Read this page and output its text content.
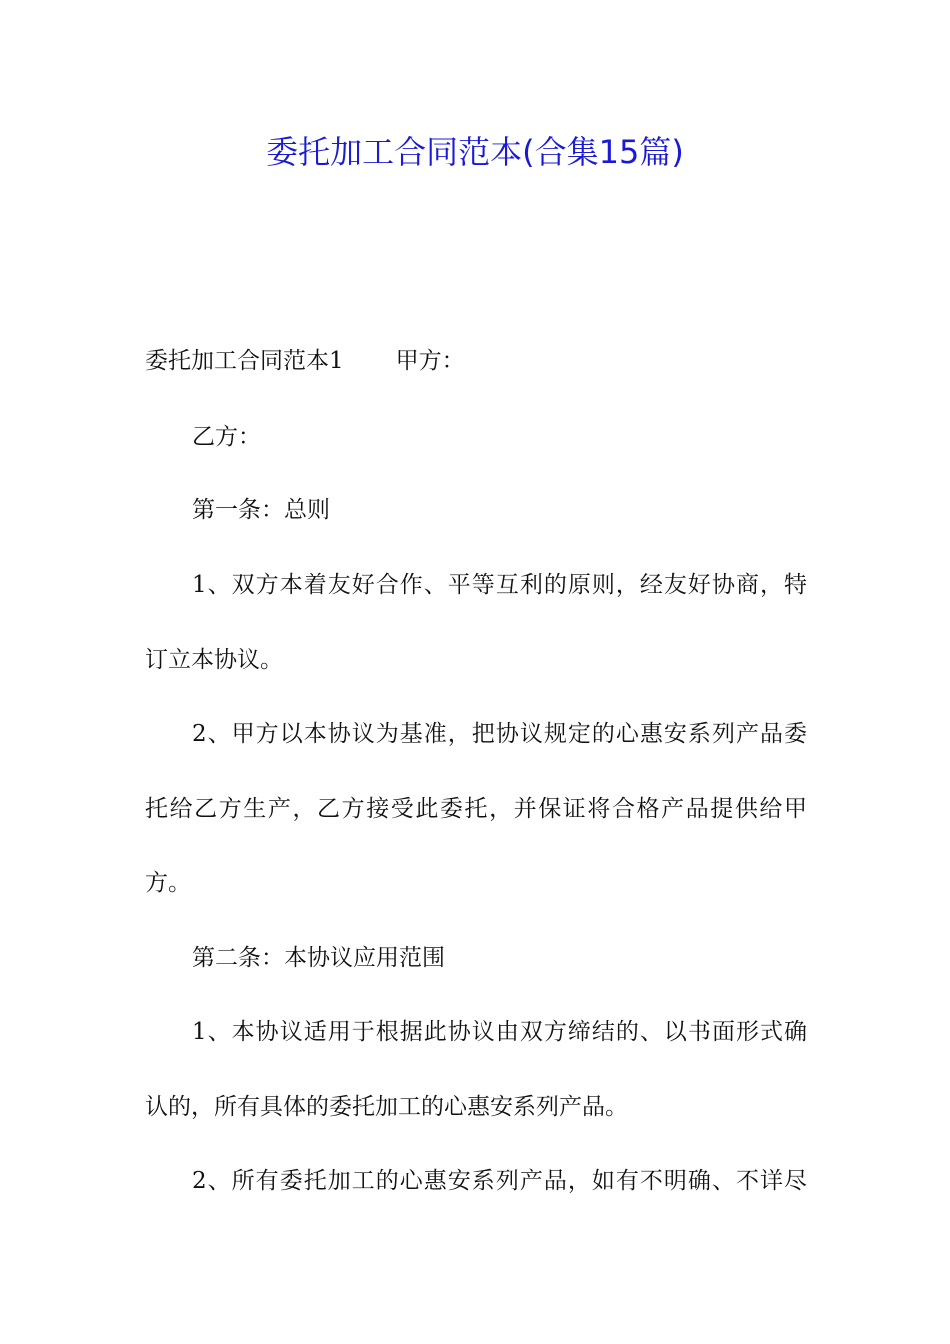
委托加工合同范本(合集15篇)
委托加工合同范本1 甲方：
乙方：
第一条：总则
1、双方本着友好合作、平等互利的原则，经友好协商，特
订立本协议。
2、甲方以本协议为基准，把协议规定的心惠安系列产品委
托给乙方生产，乙方接受此委托，并保证将合格产品提供给甲
方。
第二条：本协议应用范围
1、本协议适用于根据此协议由双方缔结的、以书面形式确
认的，所有具体的委托加工的心惠安系列产品。
2、所有委托加工的心惠安系列产品，如有不明确、不详尽
